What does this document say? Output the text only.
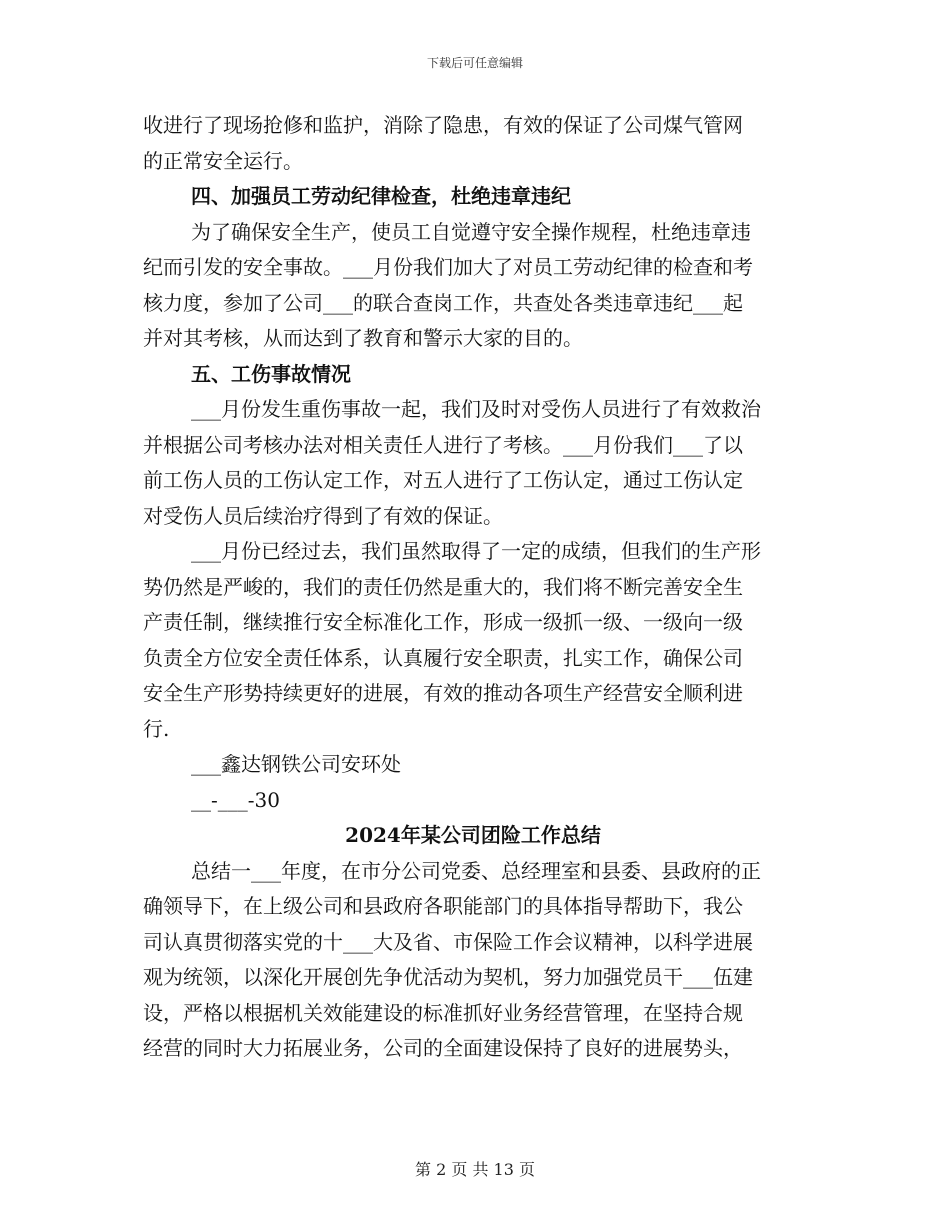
下载后可任意编辑
收进行了现场抢修和监护，消除了隐患，有效的保证了公司煤气管网
的正常安全运行。
四、加强员工劳动纪律检查，杜绝违章违纪
为了确保安全生产，使员工自觉遵守安全操作规程，杜绝违章违
纪而引发的安全事故。___月份我们加大了对员工劳动纪律的检查和考
核力度，参加了公司___的联合查岗工作，共查处各类违章违纪___起
并对其考核，从而达到了教育和警示大家的目的。
五、工伤事故情况
___月份发生重伤事故一起，我们及时对受伤人员进行了有效救治
并根据公司考核办法对相关责任人进行了考核。___月份我们___了以
前工伤人员的工伤认定工作，对五人进行了工伤认定，通过工伤认定
对受伤人员后续治疗得到了有效的保证。
___月份已经过去，我们虽然取得了一定的成绩，但我们的生产形
势仍然是严峻的，我们的责任仍然是重大的，我们将不断完善安全生
产责任制，继续推行安全标准化工作，形成一级抓一级、一级向一级
负责全方位安全责任体系，认真履行安全职责，扎实工作，确保公司
安全生产形势持续更好的进展，有效的推动各项生产经营安全顺利进
行.
___鑫达钢铁公司安环处
__-___-30
2024年某公司团险工作总结
总结一___年度，在市分公司党委、总经理室和县委、县政府的正
确领导下，在上级公司和县政府各职能部门的具体指导帮助下，我公
司认真贯彻落实党的十___大及省、市保险工作会议精神，以科学进展
观为统领，以深化开展创先争优活动为契机，努力加强党员干___伍建
设，严格以根据机关效能建设的标准抓好业务经营管理，在坚持合规
经营的同时大力拓展业务，公司的全面建设保持了良好的进展势头，
第 2 页 共 13 页
